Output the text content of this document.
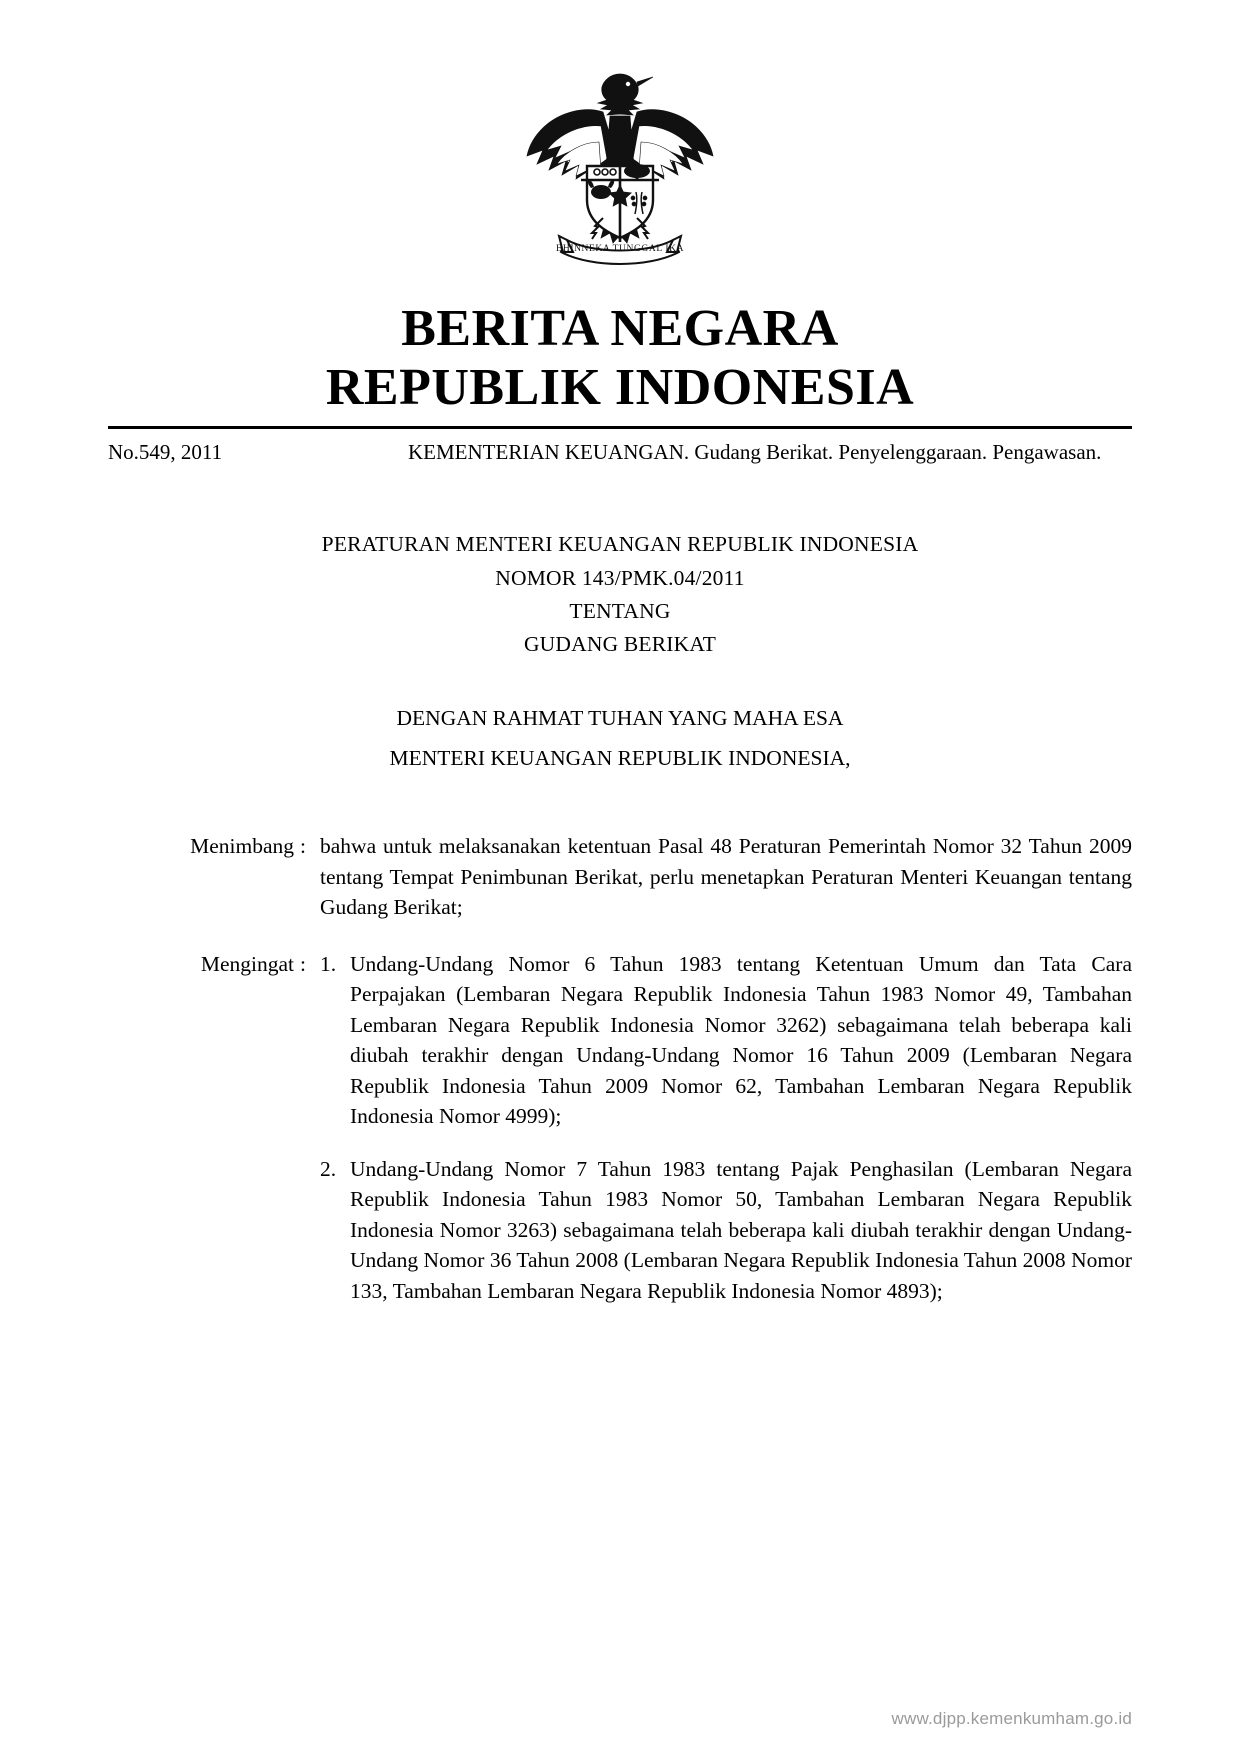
BHINNEKA TUNGGAL IKA
BERITA NEGARA
REPUBLIK INDONESIA
No.549, 2011	KEMENTERIAN KEUANGAN. Gudang Berikat. Penyelenggaraan. Pengawasan.
PERATURAN MENTERI KEUANGAN REPUBLIK INDONESIA
NOMOR 143/PMK.04/2011
TENTANG
GUDANG BERIKAT
DENGAN RAHMAT TUHAN YANG MAHA ESA
MENTERI KEUANGAN REPUBLIK INDONESIA,
Menimbang : bahwa untuk melaksanakan ketentuan Pasal 48 Peraturan Pemerintah Nomor 32 Tahun 2009 tentang Tempat Penimbunan Berikat, perlu menetapkan Peraturan Menteri Keuangan tentang Gudang Berikat;

Mengingat : 1. Undang-Undang Nomor 6 Tahun 1983 tentang Ketentuan Umum dan Tata Cara Perpajakan (Lembaran Negara Republik Indonesia Tahun 1983 Nomor 49, Tambahan Lembaran Negara Republik Indonesia Nomor 3262) sebagaimana telah beberapa kali diubah terakhir dengan Undang-Undang Nomor 16 Tahun 2009 (Lembaran Negara Republik Indonesia Tahun 2009 Nomor 62, Tambahan Lembaran Negara Republik Indonesia Nomor 4999);
2. Undang-Undang Nomor 7 Tahun 1983 tentang Pajak Penghasilan (Lembaran Negara Republik Indonesia Tahun 1983 Nomor 50, Tambahan Lembaran Negara Republik Indonesia Nomor 3263) sebagaimana telah beberapa kali diubah terakhir dengan Undang-Undang Nomor 36 Tahun 2008 (Lembaran Negara Republik Indonesia Tahun 2008 Nomor 133, Tambahan Lembaran Negara Republik Indonesia Nomor 4893);
www.djpp.kemenkumham.go.id
